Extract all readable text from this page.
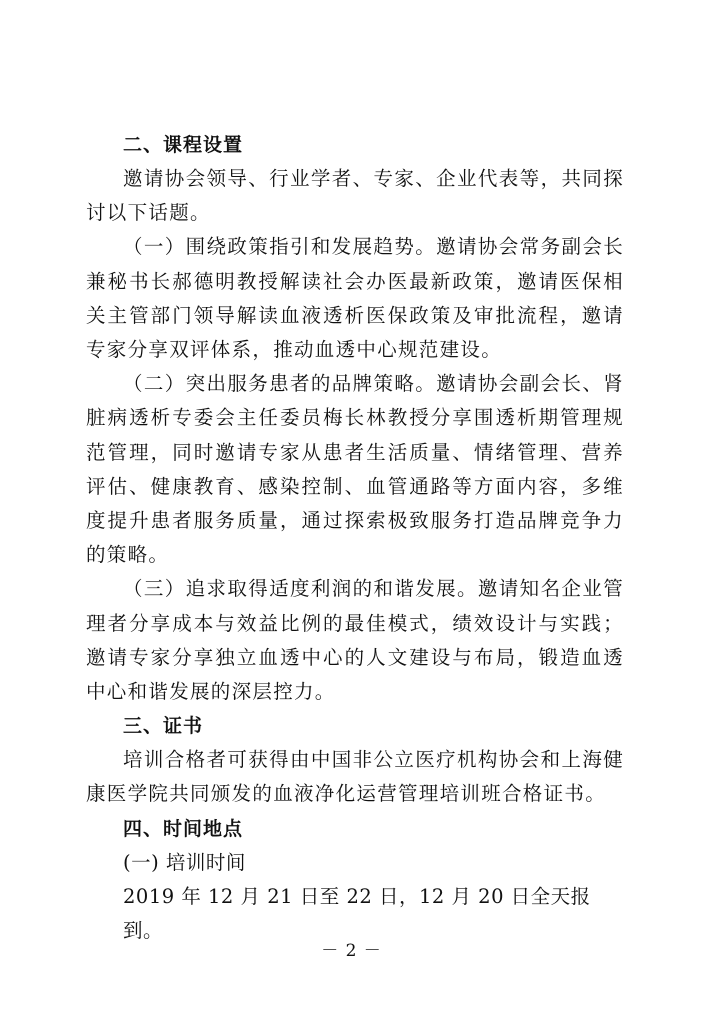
二、课程设置

邀请协会领导、行业学者、专家、企业代表等，共同探讨以下话题。

（一）围绕政策指引和发展趋势。邀请协会常务副会长兼秘书长郝德明教授解读社会办医最新政策，邀请医保相关主管部门领导解读血液透析医保政策及审批流程，邀请专家分享双评体系，推动血透中心规范建设。

（二）突出服务患者的品牌策略。邀请协会副会长、肾脏病透析专委会主任委员梅长林教授分享围透析期管理规范管理，同时邀请专家从患者生活质量、情绪管理、营养评估、健康教育、感染控制、血管通路等方面内容，多维度提升患者服务质量，通过探索极致服务打造品牌竞争力的策略。

（三）追求取得适度利润的和谐发展。邀请知名企业管理者分享成本与效益比例的最佳模式，绩效设计与实践；邀请专家分享独立血透中心的人文建设与布局，锻造血透中心和谐发展的深层控力。

三、证书

培训合格者可获得由中国非公立医疗机构协会和上海健康医学院共同颁发的血液净化运营管理培训班合格证书。

四、时间地点

(一) 培训时间

2019 年 12 月 21 日至 22 日，12 月 20 日全天报到。

－ 2 －
